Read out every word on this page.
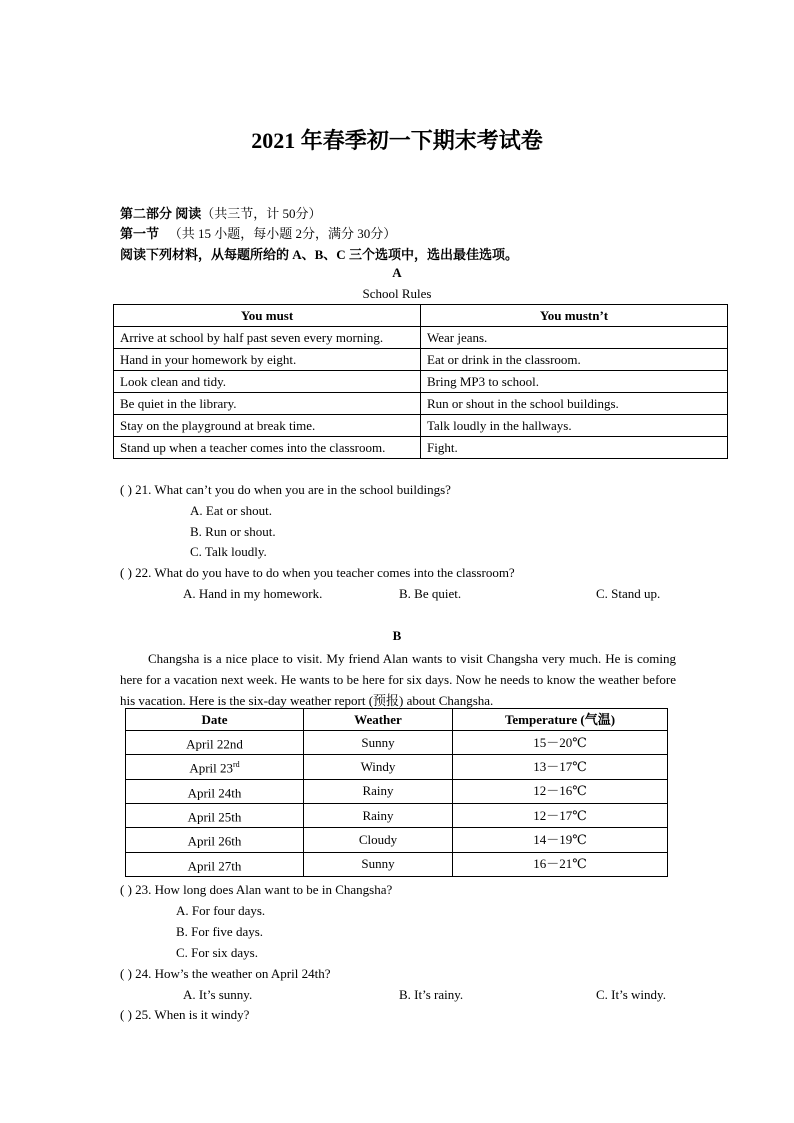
2021 年春季初一下期末考试卷
第二部分 阅读（共三节，计 50分）
第一节 （共 15 小题，每小题 2分，满分 30分）
阅读下列材料，从每题所给的 A、B、C 三个选项中，选出最佳选项。
A
School Rules
You must	You mustn’t
Arrive at school by half past seven every morning.	Wear jeans.
Hand in your homework by eight.	Eat or drink in the classroom.
Look clean and tidy.	Bring MP3 to school.
Be quiet in the library.	Run or shout in the school buildings.
Stay on the playground at break time.	Talk loudly in the hallways.
Stand up when a teacher comes into the classroom.	Fight.
( ) 21. What can’t you do when you are in the school buildings?
A. Eat or shout.
B. Run or shout.
C. Talk loudly.
( ) 22. What do you have to do when you teacher comes into the classroom?
A. Hand in my homework.	B. Be quiet.	C. Stand up.
B
Changsha is a nice place to visit. My friend Alan wants to visit Changsha very much. He is coming here for a vacation next week. He wants to be here for six days. Now he needs to know the weather before his vacation. Here is the six-day weather report (预报) about Changsha.
Date	Weather	Temperature (气温)
April 22nd	Sunny	15－20℃
April 23rd	Windy	13－17℃
April 24th	Rainy	12－16℃
April 25th	Rainy	12－17℃
April 26th	Cloudy	14－19℃
April 27th	Sunny	16－21℃
( ) 23. How long does Alan want to be in Changsha?
A. For four days.
B. For five days.
C. For six days.
( ) 24. How’s the weather on April 24th?
A. It’s sunny.	B. It’s rainy.	C. It’s windy.
( ) 25. When is it windy?
